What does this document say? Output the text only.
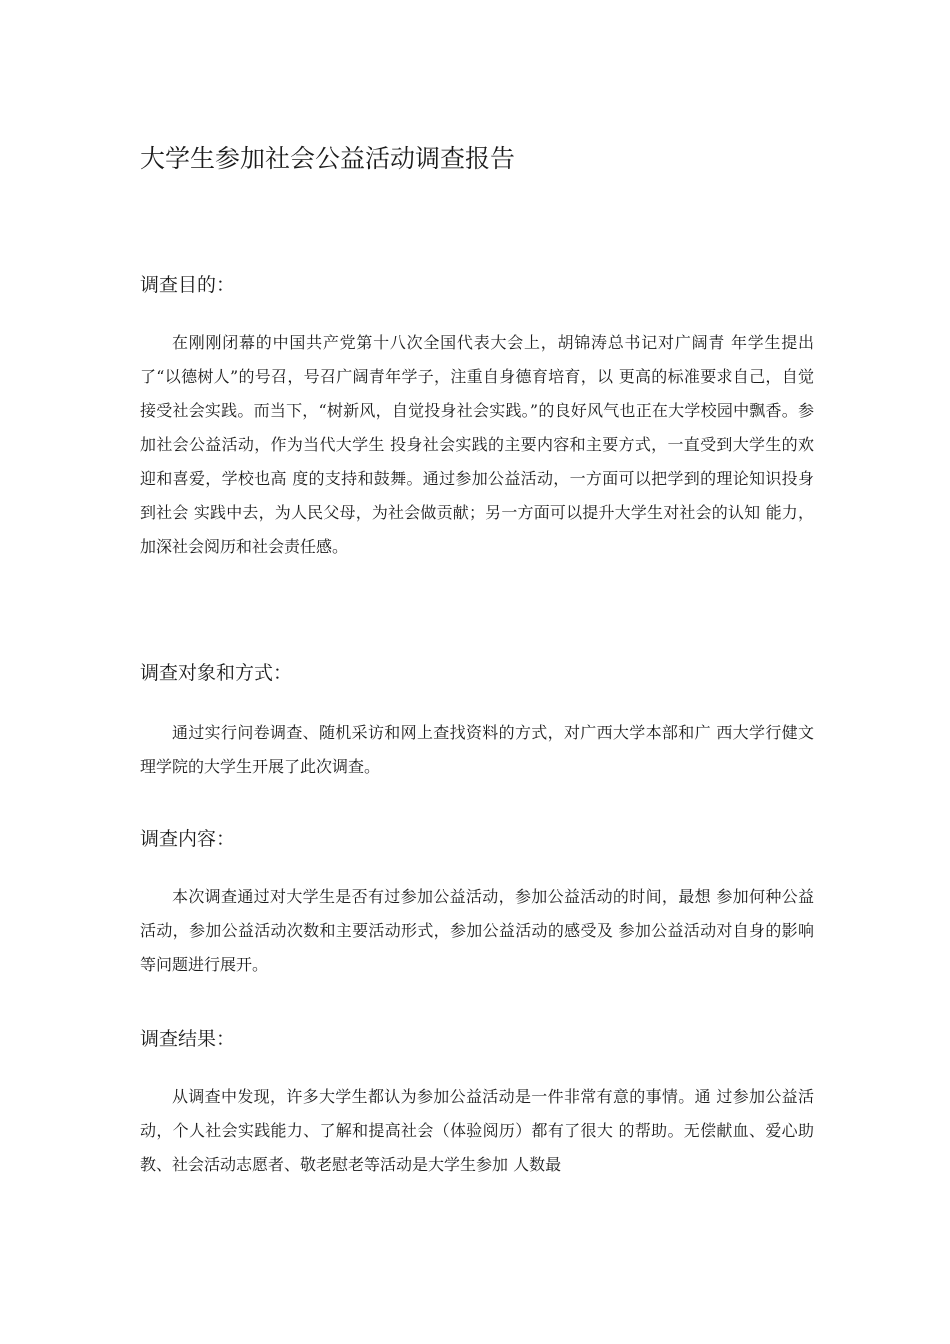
大学生参加社会公益活动调查报告
调查目的：

在刚刚闭幕的中国共产党第十八次全国代表大会上，胡锦涛总书记对广阔青 年学生提出了“以德树人”的号召，号召广阔青年学子，注重自身德育培育，以 更高的标准要求自己，自觉接受社会实践。而当下，“树新风，自觉投身社会实践。”的良好风气也正在大学校园中飘香。参加社会公益活动，作为当代大学生 投身社会实践的主要内容和主要方式，一直受到大学生的欢迎和喜爱，学校也高 度的支持和鼓舞。通过参加公益活动，一方面可以把学到的理论知识投身到社会 实践中去，为人民父母，为社会做贡献；另一方面可以提升大学生对社会的认知 能力，加深社会阅历和社会责任感。

调查对象和方式：

通过实行问卷调查、随机采访和网上查找资料的方式，对广西大学本部和广 西大学行健文理学院的大学生开展了此次调查。

调查内容：

本次调查通过对大学生是否有过参加公益活动，参加公益活动的时间，最想 参加何种公益活动，参加公益活动次数和主要活动形式，参加公益活动的感受及 参加公益活动对自身的影响等问题进行展开。

调查结果：

从调查中发现，许多大学生都认为参加公益活动是一件非常有意的事情。通 过参加公益活动，个人社会实践能力、了解和提高社会（体验阅历）都有了很大 的帮助。无偿献血、爱心助教、社会活动志愿者、敬老慰老等活动是大学生参加 人数最
